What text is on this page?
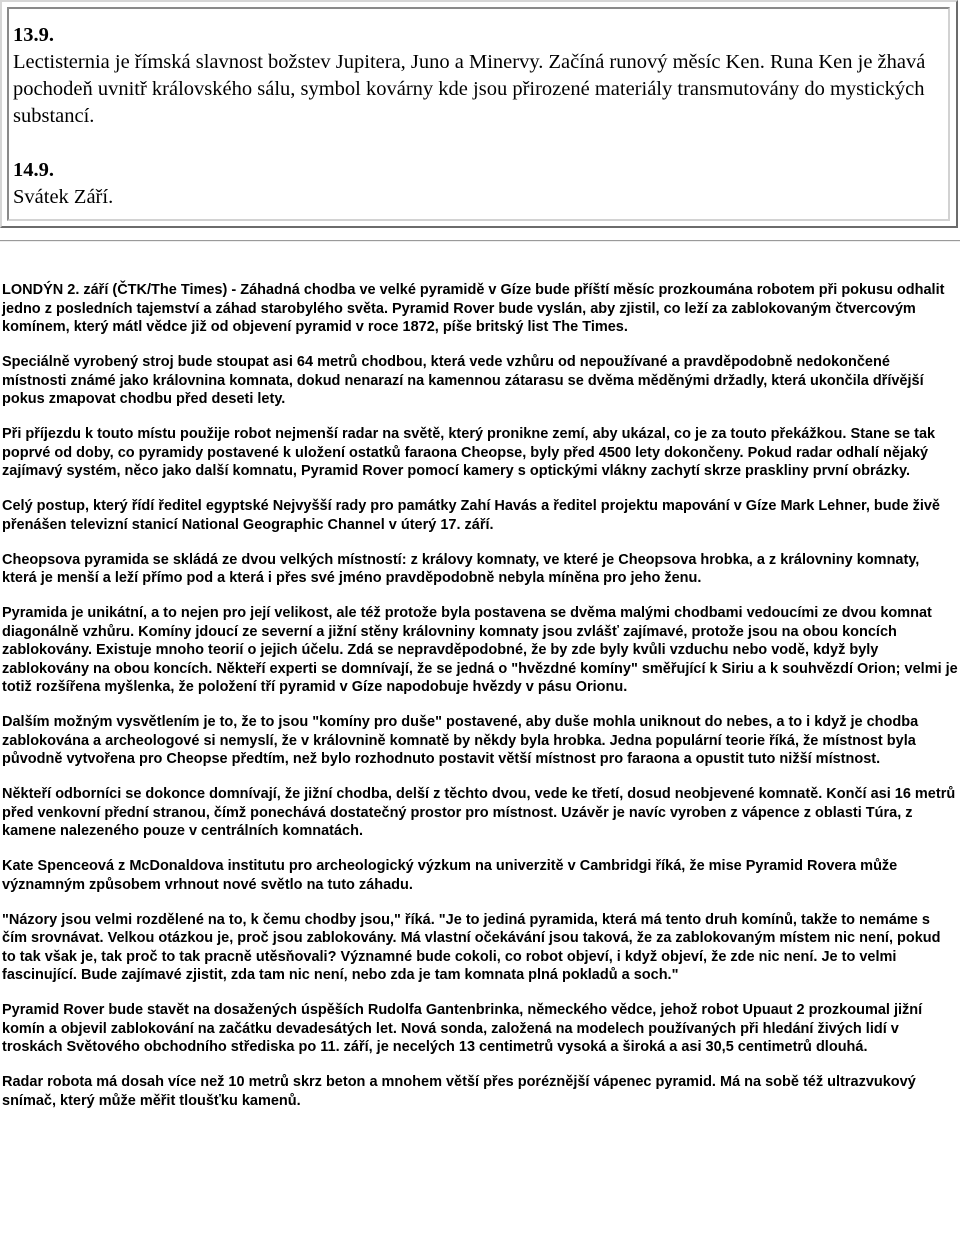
13.9.

Lectisternia je římská slavnost božstev Jupitera, Juno a Minervy. Začíná runový měsíc Ken. Runa Ken je žhavá pochodeň uvnitř královského sálu, symbol kovárny kde jsou přirozené materiály transmutovány do mystických substancí.

14.9.

Svátek Září.

LONDÝN 2. září (ČTK/The Times) - Záhadná chodba ve velké pyramidě v Gíze bude příští měsíc prozkoumána robotem při pokusu odhalit jedno z posledních tajemství a záhad starobylého světa. Pyramid Rover bude vyslán, aby zjistil, co leží za zablokovaným čtvercovým komínem, který mátl vědce již od objevení pyramid v roce 1872, píše britský list The Times.

Speciálně vyrobený stroj bude stoupat asi 64 metrů chodbou, která vede vzhůru od nepoužívané a pravděpodobně nedokončené místnosti známé jako královnina komnata, dokud nenarazí na kamennou zátarasu se dvěma měděnými držadly, která ukončila dřívější pokus zmapovat chodbu před deseti lety.

Při příjezdu k touto místu použije robot nejmenší radar na světě, který pronikne zemí, aby ukázal, co je za touto překážkou. Stane se tak poprvé od doby, co pyramidy postavené k uložení ostatků faraona Cheopse, byly před 4500 lety dokončeny. Pokud radar odhalí nějaký zajímavý systém, něco jako další komnatu, Pyramid Rover pomocí kamery s optickými vlákny zachytí skrze praskliny první obrázky.

Celý postup, který řídí ředitel egyptské Nejvyšší rady pro památky Zahí Havás a ředitel projektu mapování v Gíze Mark Lehner, bude živě přenášen televizní stanicí National Geographic Channel v úterý 17. září.

Cheopsova pyramida se skládá ze dvou velkých místností: z královy komnaty, ve které je Cheopsova hrobka, a z královniny komnaty, která je menší a leží přímo pod a která i přes své jméno pravděpodobně nebyla míněna pro jeho ženu.

Pyramida je unikátní, a to nejen pro její velikost, ale též protože byla postavena se dvěma malými chodbami vedoucími ze dvou komnat diagonálně vzhůru. Komíny jdoucí ze severní a jižní stěny královniny komnaty jsou zvlášť zajímavé, protože jsou na obou koncích zablokovány. Existuje mnoho teorií o jejich účelu. Zdá se nepravděpodobné, že by zde byly kvůli vzduchu nebo vodě, když byly zablokovány na obou koncích. Někteří experti se domnívají, že se jedná o "hvězdné komíny" směřující k Siriu a k souhvězdí Orion; velmi je totiž rozšířena myšlenka, že položení tří pyramid v Gíze napodobuje hvězdy v pásu Orionu.

Dalším možným vysvětlením je to, že to jsou "komíny pro duše" postavené, aby duše mohla uniknout do nebes, a to i když je chodba zablokována a archeologové si nemyslí, že v královnině komnatě by někdy byla hrobka. Jedna populární teorie říká, že místnost byla původně vytvořena pro Cheopse předtím, než bylo rozhodnuto postavit větší místnost pro faraona a opustit tuto nižší místnost.

Někteří odborníci se dokonce domnívají, že jižní chodba, delší z těchto dvou, vede ke třetí, dosud neobjevené komnatě. Končí asi 16 metrů před venkovní přední stranou, čímž ponechává dostatečný prostor pro místnost. Uzávěr je navíc vyroben z vápence z oblasti Túra, z kamene nalezeného pouze v centrálních komnatách.

Kate Spenceová z McDonaldova institutu pro archeologický výzkum na univerzitě v Cambridgi říká, že mise Pyramid Rovera může významným způsobem vrhnout nové světlo na tuto záhadu.

"Názory jsou velmi rozdělené na to, k čemu chodby jsou," říká. "Je to jediná pyramida, která má tento druh komínů, takže to nemáme s čím srovnávat. Velkou otázkou je, proč jsou zablokovány. Má vlastní očekávání jsou taková, že za zablokovaným místem nic není, pokud to tak však je, tak proč to tak pracně utěsňovali? Významné bude cokoli, co robot objeví, i když objeví, že zde nic není. Je to velmi fascinující. Bude zajímavé zjistit, zda tam nic není, nebo zda je tam komnata plná pokladů a soch."

Pyramid Rover bude stavět na dosažených úspěších Rudolfa Gantenbrinka, německého vědce, jehož robot Upuaut 2 prozkoumal jižní komín a objevil zablokování na začátku devadesátých let. Nová sonda, založená na modelech používaných při hledání živých lidí v troskách Světového obchodního střediska po 11. září, je necelých 13 centimetrů vysoká a široká a asi 30,5 centimetrů dlouhá.

Radar robota má dosah více než 10 metrů skrz beton a mnohem větší přes poréznější vápenec pyramid. Má na sobě též ultrazvukový snímač, který může měřit tloušťku kamenů.
